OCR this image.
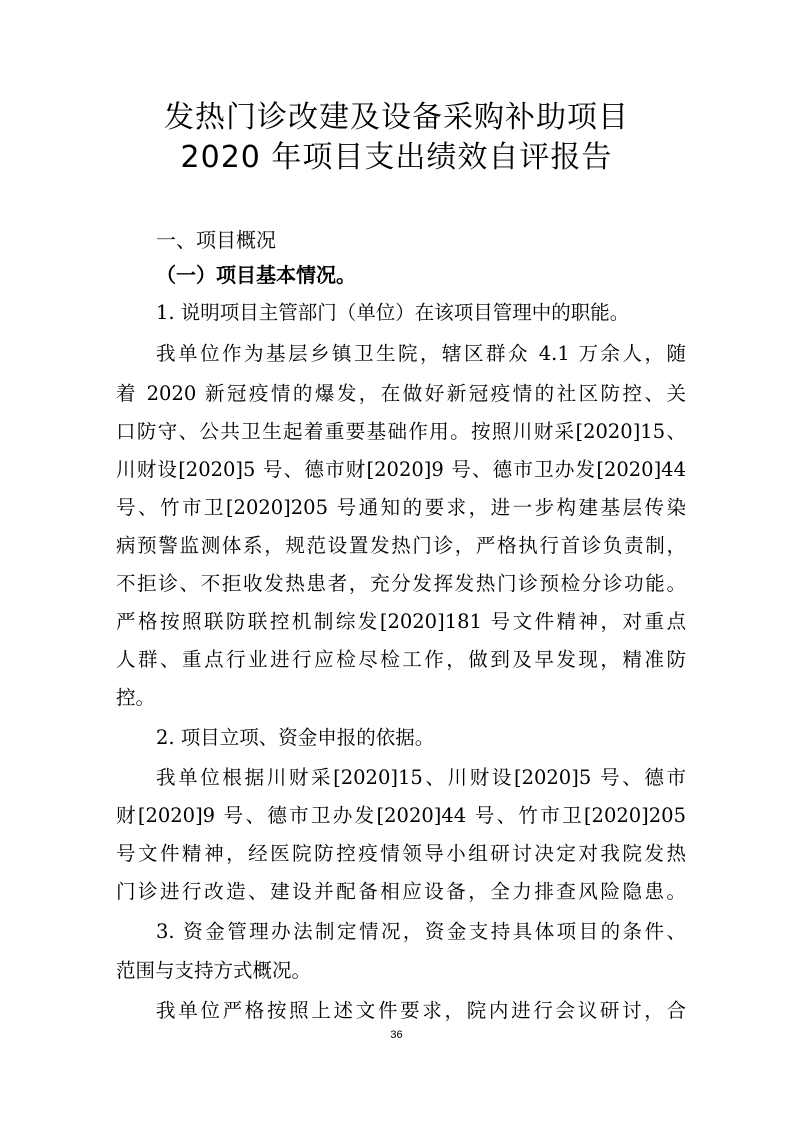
发热门诊改建及设备采购补助项目
2020 年项目支出绩效自评报告
一、项目概况
（一）项目基本情况。
1. 说明项目主管部门（单位）在该项目管理中的职能。
我单位作为基层乡镇卫生院，辖区群众 4.1 万余人，随
着 2020 新冠疫情的爆发，在做好新冠疫情的社区防控、关
口防守、公共卫生起着重要基础作用。按照川财采[2020]15、
川财设[2020]5 号、德市财[2020]9 号、德市卫办发[2020]44
号、竹市卫[2020]205 号通知的要求，进一步构建基层传染
病预警监测体系，规范设置发热门诊，严格执行首诊负责制，
不拒诊、不拒收发热患者，充分发挥发热门诊预检分诊功能。
严格按照联防联控机制综发[2020]181 号文件精神，对重点
人群、重点行业进行应检尽检工作，做到及早发现，精准防
控。
2. 项目立项、资金申报的依据。
我单位根据川财采[2020]15、川财设[2020]5 号、德市
财[2020]9 号、德市卫办发[2020]44 号、竹市卫[2020]205
号文件精神，经医院防控疫情领导小组研讨决定对我院发热
门诊进行改造、建设并配备相应设备，全力排查风险隐患。
3. 资金管理办法制定情况，资金支持具体项目的条件、
范围与支持方式概况。
我单位严格按照上述文件要求，院内进行会议研讨，合
36
